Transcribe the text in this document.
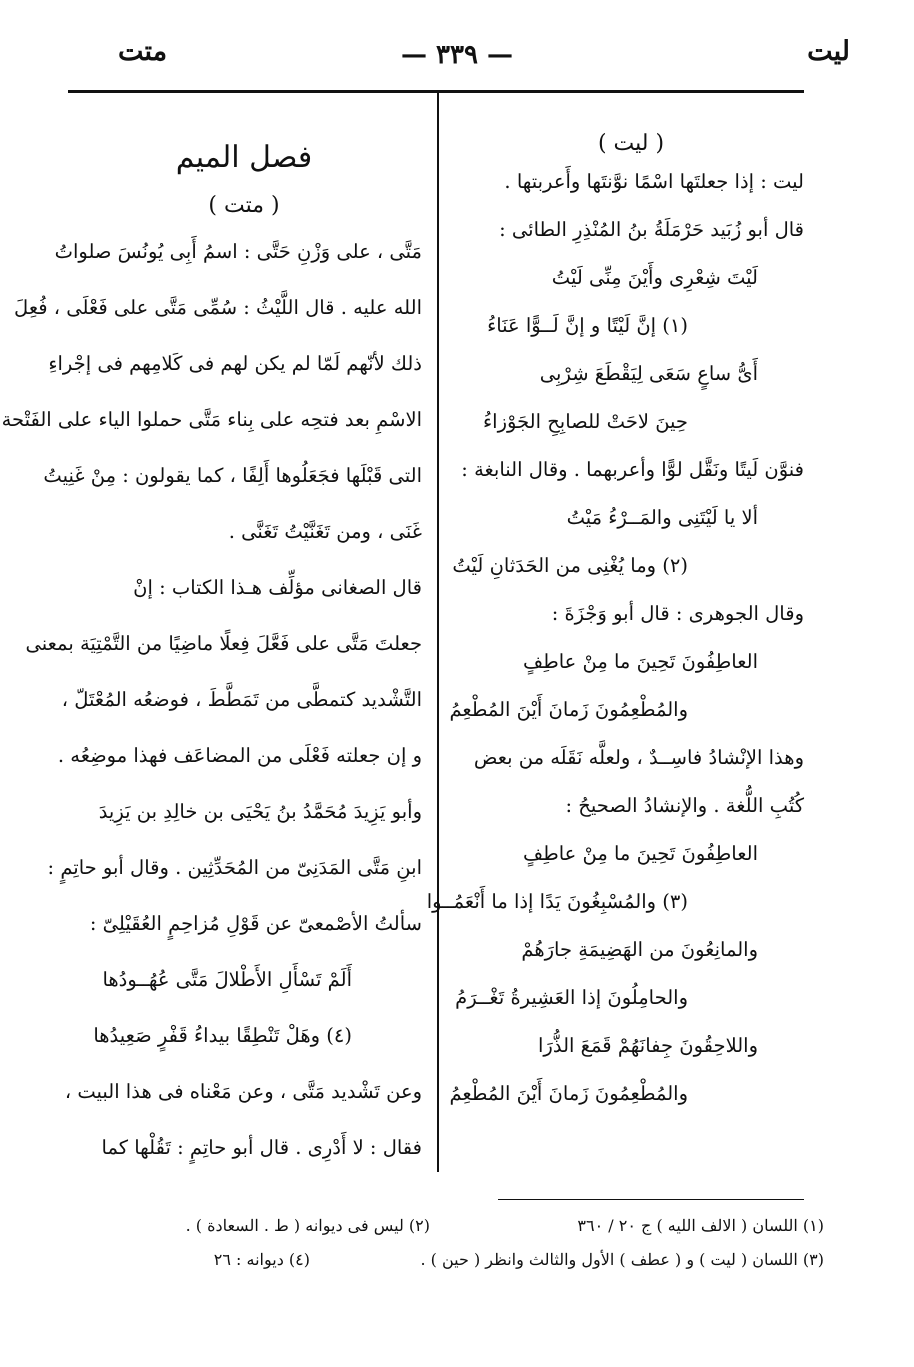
ليت
— ٣٣٩ —
متت
( ليت )
ليت : إذا جعلتَها اسْمًا نوَّنتَها وأَعربتها .
قال أبو زُبَيد حَرْمَلَةُ بنُ المُنْذِرِ الطائى :
لَيْتَ شِعْرِى وأَيْنَ مِنِّى لَيْتُ
(١) إنَّ لَيْتًا و إنَّ لَــوًّا عَنَاءُ
أَىُّ ساعٍ سَعَى لِيَقْطَعَ شِرْبِى
حِينَ لاحَتْ للصابِحِ الجَوْزاءُ
فنوَّن لَيتًا ونَقَّل لوًّا وأعربهما . وقال النابغة :
ألا يا لَيْتَنِى والمَــرْءُ مَيْتُ
(٢) وما يُغْنِى من الحَدَثانِ لَيْتُ
وقال الجوهرى : قال أبو وَجْزَةَ :
العاطِفُونَ تَحِينَ ما مِنْ عاطِفٍ
والمُطْعِمُونَ زَمانَ أَيْنَ المُطْعِمُ
وهذا الإنْشادُ فاسِــدٌ ، ولعلَّه نَقَلَه من بعض
كُتُبِ اللُّغة . والإنشادُ الصحيحُ :
العاطِفُونَ تَحِينَ ما مِنْ عاطِفٍ
(٣) والمُسْبِغُونَ يَدًا إذا ما أَنْعَمُــوا
والمانِعُونَ من الهَضِيمَةِ جارَهُمْ
والحامِلُونَ إذا العَشِيرةُ تَغْــرَمُ
واللاحِقُونَ جِفانَهُمْ قَمَعَ الذُّرَا
والمُطْعِمُونَ زَمانَ أَيْنَ المُطْعِمُ
فصل الميم
( متت )
مَتَّى ، على وَزْنِ حَتَّى : اسمُ أَبِى يُونُسَ صلواتُ
الله عليه . قال اللَّيْثُ : سُمِّى مَتَّى على فَعْلَى ، فُعِلَ
ذلك لأنّهم لَمّا لم يكن لهم فى كَلامِهم فى إجْراءِ
الاسْمِ بعد فتحِه على بِناء مَتَّى حملوا الياء على الفَتْحة
التى قَبْلَها فجَعَلُوها أَلِفًا ، كما يقولون : مِنْ غَنِيتُ
غَنَى ، ومن تَغَنَّيْتُ تَغَنَّى .
قال الصغانى مؤلِّف هـذا الكتاب : إنْ
جعلتَ مَتَّى على فَعَّلَ فِعلًا ماضِيًا من التَّمْتِيَة بمعنى
التَّشْديد كتمطَّى من تَمَطَّطَ ، فوضعُه المُعْتَلّ ،
و إن جعلته فَعْلَى من المضاعَف فهذا موضِعُه .
وأبو يَزِيدَ مُحَمَّدُ بنُ يَحْيَى بن خالِدِ بن يَزِيدَ
ابنِ مَتَّى المَدَنِىّ من المُحَدِّثِين . وقال أبو حاتِمٍ :
سألتُ الأصْمعىّ عن قَوْلِ مُزاحِمٍ العُقَيْلِىّ :
أَلَمْ تَسْأَلِ الأَطْلالَ مَتَّى عُهُــودُها
(٤) وهَلْ تَنْطِقًا بيداءُ قَفْرٍ صَعِيدُها
وعن تَشْديد مَتَّى ، وعن مَعْناه فى هذا البيت ،
فقال : لا أَدْرِى . قال أبو حاتِمٍ : تَقُلْها كما
(١) اللسان ( الالف الليه ) ج ٢٠ / ٣٦٠
(٢) ليس فى ديوانه ( ط . السعادة ) .
(٣) اللسان ( ليت ) و ( عطف ) الأول والثالث وانظر ( حين ) .
(٤) ديوانه : ٢٦
